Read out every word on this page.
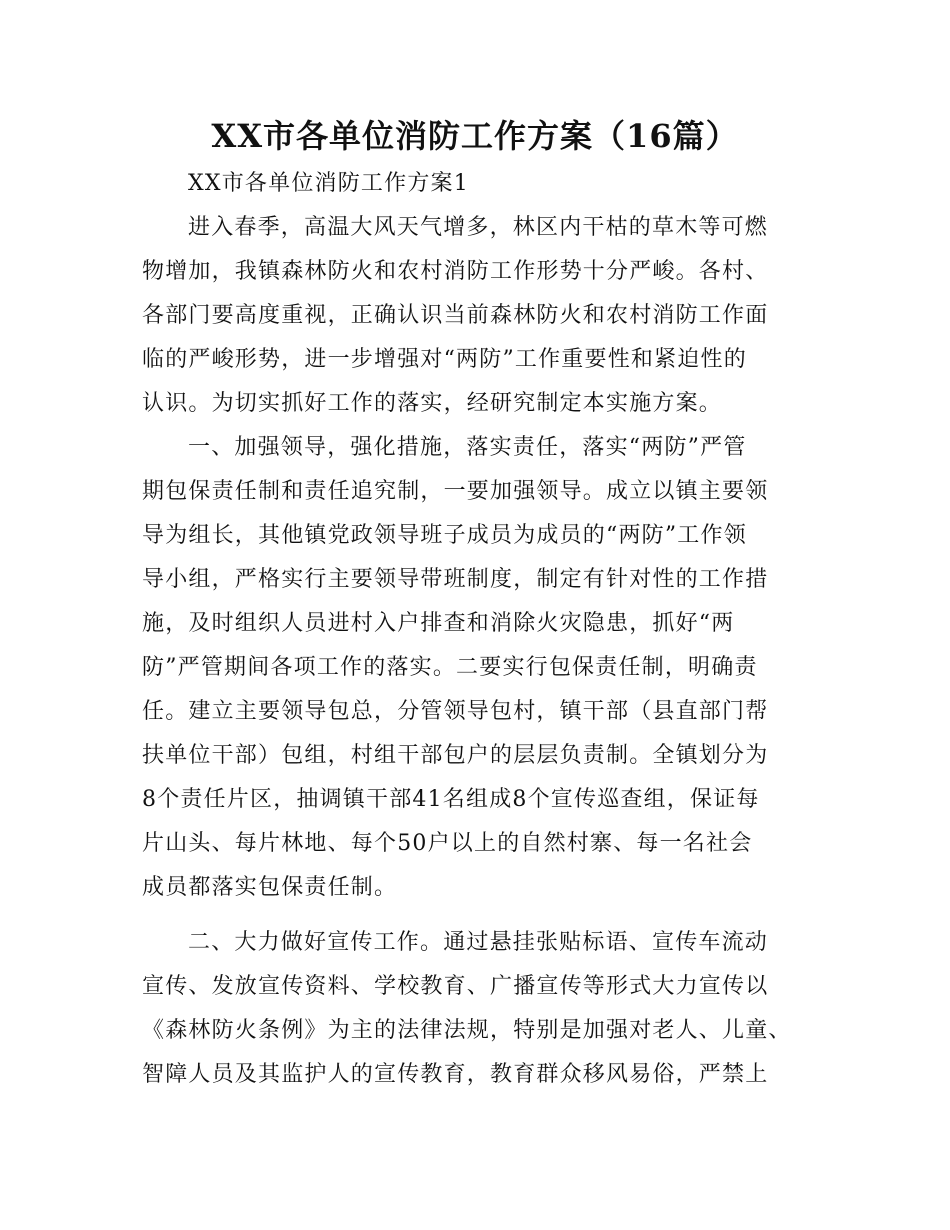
XX市各单位消防工作方案（16篇）
XX市各单位消防工作方案1
进入春季，高温大风天气增多，林区内干枯的草木等可燃
物增加，我镇森林防火和农村消防工作形势十分严峻。各村、
各部门要高度重视，正确认识当前森林防火和农村消防工作面
临的严峻形势，进一步增强对“两防”工作重要性和紧迫性的
认识。为切实抓好工作的落实，经研究制定本实施方案。
一、加强领导，强化措施，落实责任，落实“两防”严管
期包保责任制和责任追究制，一要加强领导。成立以镇主要领
导为组长，其他镇党政领导班子成员为成员的“两防”工作领
导小组，严格实行主要领导带班制度，制定有针对性的工作措
施，及时组织人员进村入户排查和消除火灾隐患，抓好“两
防”严管期间各项工作的落实。二要实行包保责任制，明确责
任。建立主要领导包总，分管领导包村，镇干部（县直部门帮
扶单位干部）包组，村组干部包户的层层负责制。全镇划分为
8个责任片区，抽调镇干部41名组成8个宣传巡查组，保证每
片山头、每片林地、每个50户以上的自然村寨、每一名社会
成员都落实包保责任制。
二、大力做好宣传工作。通过悬挂张贴标语、宣传车流动
宣传、发放宣传资料、学校教育、广播宣传等形式大力宣传以
《森林防火条例》为主的法律法规，特别是加强对老人、儿童、
智障人员及其监护人的宣传教育，教育群众移风易俗，严禁上
